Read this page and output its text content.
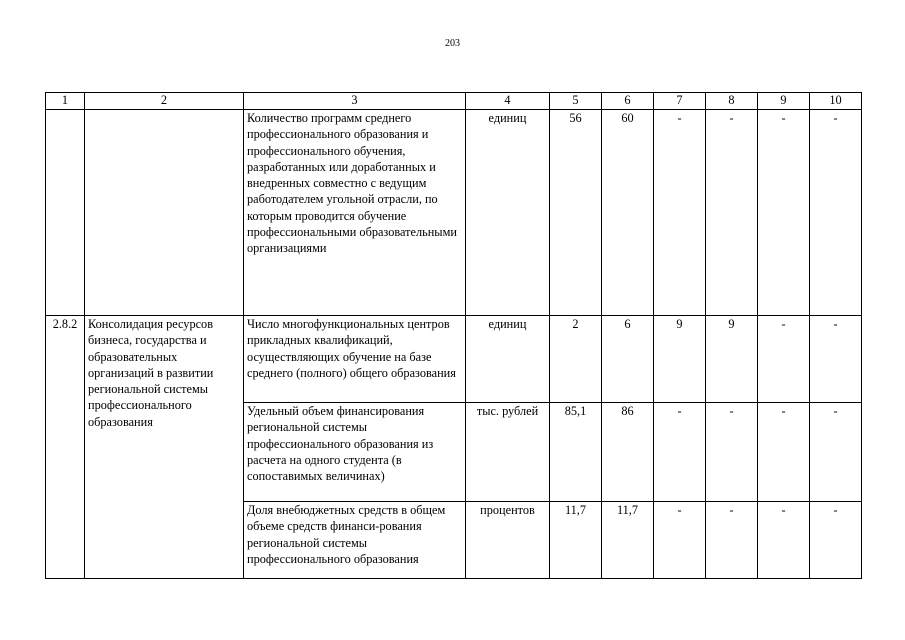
203
1	2	3	4	5	6	7	8	9	10
		Количество программ среднего профессионального образования и профессионального обучения, разработанных или доработанных и внедренных совместно с ведущим работодателем угольной отрасли, по которым проводится обучение профессиональными образовательными организациями	единиц	56	60	-	-	-	-
2.8.2	Консолидация ресурсов бизнеса, государства и образовательных организаций в развитии региональной системы профессионального образования	Число многофункциональных центров прикладных квалификаций, осуществляющих обучение на базе среднего (полного) общего образования	единиц	2	6	9	9	-	-
		Удельный объем финансирования региональной системы профессионального образования из расчета на одного студента (в сопоставимых величинах)	тыс. рублей	85,1	86	-	-	-	-
		Доля внебюджетных средств в общем объеме средств финанси-рования региональной системы профессионального образования	процентов	11,7	11,7	-	-	-	-
